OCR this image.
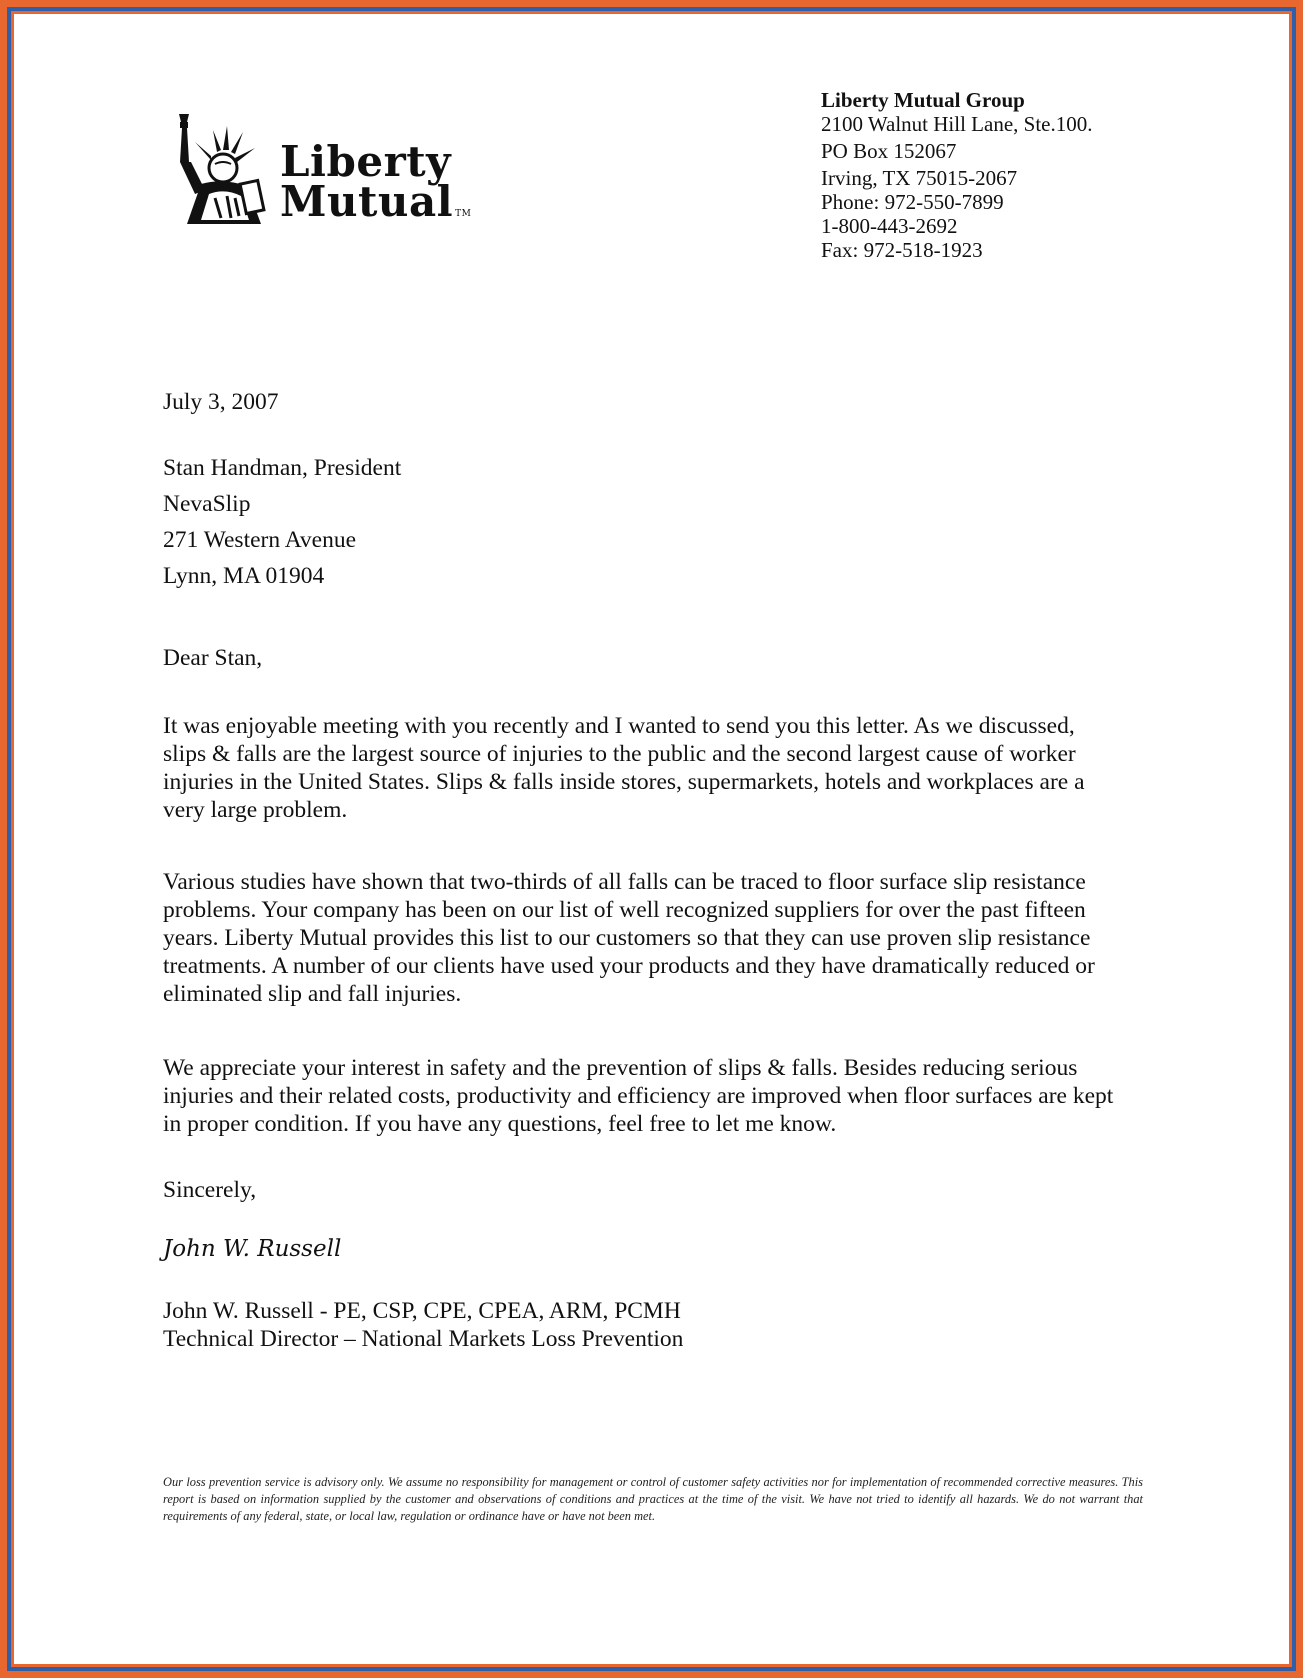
Liberty
Mutual TM
Liberty Mutual Group
2100 Walnut Hill Lane, Ste.100.
PO Box 152067
Irving, TX 75015-2067
Phone: 972-550-7899
1-800-443-2692
Fax: 972-518-1923
July 3, 2007
Stan Handman, President
NevaSlip
271 Western Avenue
Lynn, MA 01904
Dear Stan,
It was enjoyable meeting with you recently and I wanted to send you this letter. As we discussed, slips & falls are the largest source of injuries to the public and the second largest cause of worker injuries in the United States. Slips & falls inside stores, supermarkets, hotels and workplaces are a very large problem.
Various studies have shown that two-thirds of all falls can be traced to floor surface slip resistance problems. Your company has been on our list of well recognized suppliers for over the past fifteen years. Liberty Mutual provides this list to our customers so that they can use proven slip resistance treatments. A number of our clients have used your products and they have dramatically reduced or eliminated slip and fall injuries.
We appreciate your interest in safety and the prevention of slips & falls. Besides reducing serious injuries and their related costs, productivity and efficiency are improved when floor surfaces are kept in proper condition. If you have any questions, feel free to let me know.
Sincerely,
John W. Russell
John W. Russell - PE, CSP, CPE, CPEA, ARM, PCMH
Technical Director – National Markets Loss Prevention
Our loss prevention service is advisory only. We assume no responsibility for management or control of customer safety activities nor for implementation of recommended corrective measures. This report is based on information supplied by the customer and observations of conditions and practices at the time of the visit. We have not tried to identify all hazards. We do not warrant that requirements of any federal, state, or local law, regulation or ordinance have or have not been met.
